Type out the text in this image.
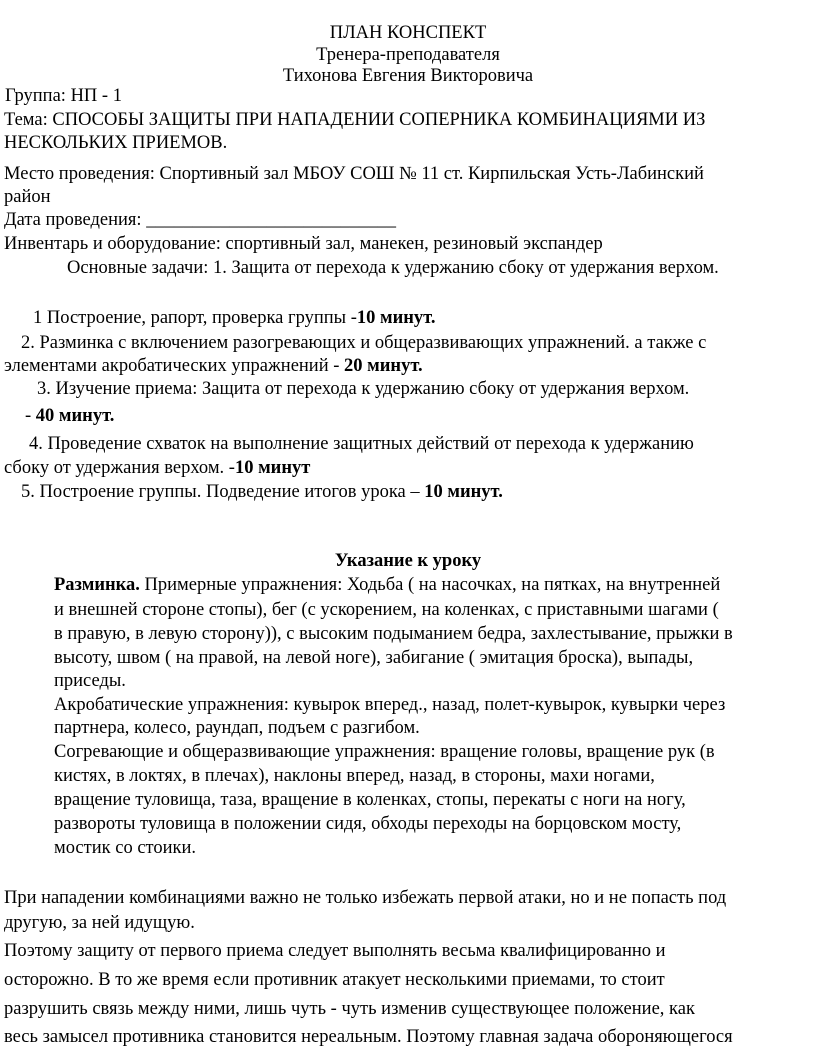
ПЛАН КОНСПЕКТ
Тренера-преподавателя
Тихонова Евгения Викторовича
Группа: НП - 1
Тема: СПОСОБЫ ЗАЩИТЫ ПРИ НАПАДЕНИИ СОПЕРНИКА КОМБИНАЦИЯМИ ИЗ
НЕСКОЛЬКИХ ПРИЕМОВ.
Место проведения: Спортивный зал МБОУ СОШ № 11 ст. Кирпильская Усть-Лабинский
район
Дата проведения: ___________________________
Инвентарь и оборудование: спортивный зал, манекен, резиновый экспандер
Основные задачи: 1. Защита от перехода к удержанию сбоку от удержания верхом.
1 Построение, рапорт, проверка группы -10 минут.
2. Разминка с включением разогревающих и общеразвивающих упражнений. а также с
элементами акробатических упражнений - 20 минут.
3. Изучение приема: Защита от перехода к удержанию сбоку от удержания верхом.
- 40 минут.
4. Проведение схваток на выполнение защитных действий от перехода к удержанию
сбоку от удержания верхом. -10 минут
5. Построение группы. Подведение итогов урока – 10 минут.
Указание к уроку
Разминка. Примерные упражнения: Ходьба ( на насочках, на пятках, на внутренней
и внешней стороне стопы), бег (с ускорением, на коленках, с приставными шагами (
в правую, в левую сторону)), с высоким подыманием бедра, захлестывание, прыжки в
высоту, швом ( на правой, на левой ноге), забигание ( эмитация броска), выпады,
приседы.
Акробатические упражнения: кувырок вперед., назад, полет-кувырок, кувырки через
партнера, колесо, раундап, подъем с разгибом.
Согревающие и общеразвивающие упражнения: вращение головы, вращение рук (в
кистях, в локтях, в плечах), наклоны вперед, назад, в стороны, махи ногами,
вращение туловища, таза, вращение в коленках, стопы, перекаты с ноги на ногу,
развороты туловища в положении сидя, обходы переходы на борцовском мосту,
мостик со стоики.
При нападении комбинациями важно не только избежать первой атаки, но и не попасть под
другую, за ней идущую.
Поэтому защиту от первого приема следует выполнять весьма квалифицированно и
осторожно. В то же время если противник атакует несколькими приемами, то стоит
разрушить связь между ними, лишь чуть - чуть изменив существующее положение, как
весь замысел противника становится нереальным. Поэтому главная задача обороняющегося
